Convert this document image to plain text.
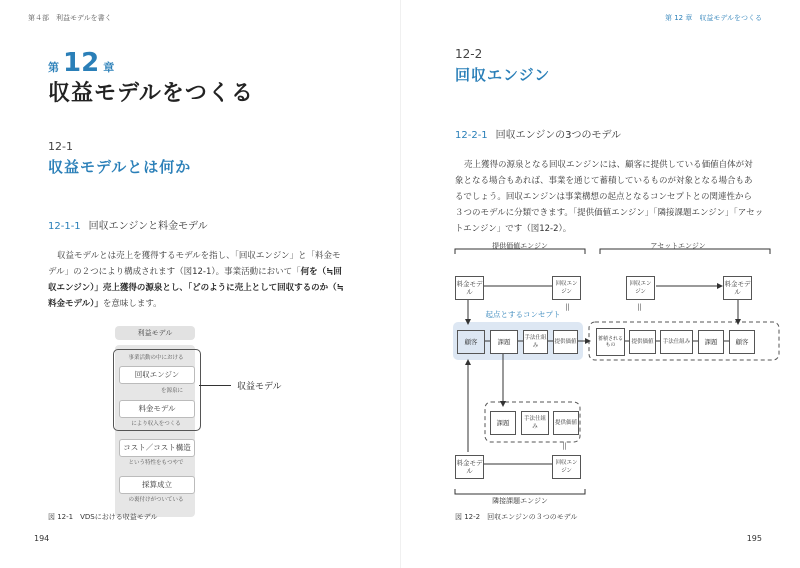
第４部　利益モデルを書く
第 12 章
収益モデルをつくる
12-1
収益モデルとは何か
12-1-1 回収エンジンと料金モデル
収益モデルとは売上を獲得するモデルを指し、「回収エンジン」と「料金モ
デル」の２つにより構成されます（図12-1）。事業活動において「何を（≒回
収エンジン）」売上獲得の源泉とし、「どのように売上として回収するのか（≒
料金モデル）」を意味します。
利益モデル
事業活動の中における
回収エンジン
を源泉に
料金モデル
により収入をつくる
コスト／コスト構造
という特性をもつやで
採算成立
の裏付けがついている
収益モデル
図 12-1　VDSにおける収益モデル
194
第 12 章　収益モデルをつくる
12-2
回収エンジン
12-2-1 回収エンジンの3つのモデル
売上獲得の源泉となる回収エンジンには、顧客に提供している価値自体が対
象となる場合もあれば、事業を通じて蓄積しているものが対象となる場合もあ
るでしょう。回収エンジンは事業構想の起点となるコンセプトとの関連性から
３つのモデルに分類できます。「提供価値エンジン」「隣接課題エンジン」「アセッ
トエンジン」です（図12-2）。
提供価値エンジン	アセットエンジン
隣接課題エンジン
料金モデル
回収エンジン
回収エンジン
料金モデル
||	||
起点とするコンセプト
顧客	課題	手法仕組み
提供価値	蓄積されるもの	提供価値	手法仕組み	課題	顧客
課題	手法仕組み
提供価値
||
料金モデル
回収エンジン
図 12-2　回収エンジンの３つのモデル
195
